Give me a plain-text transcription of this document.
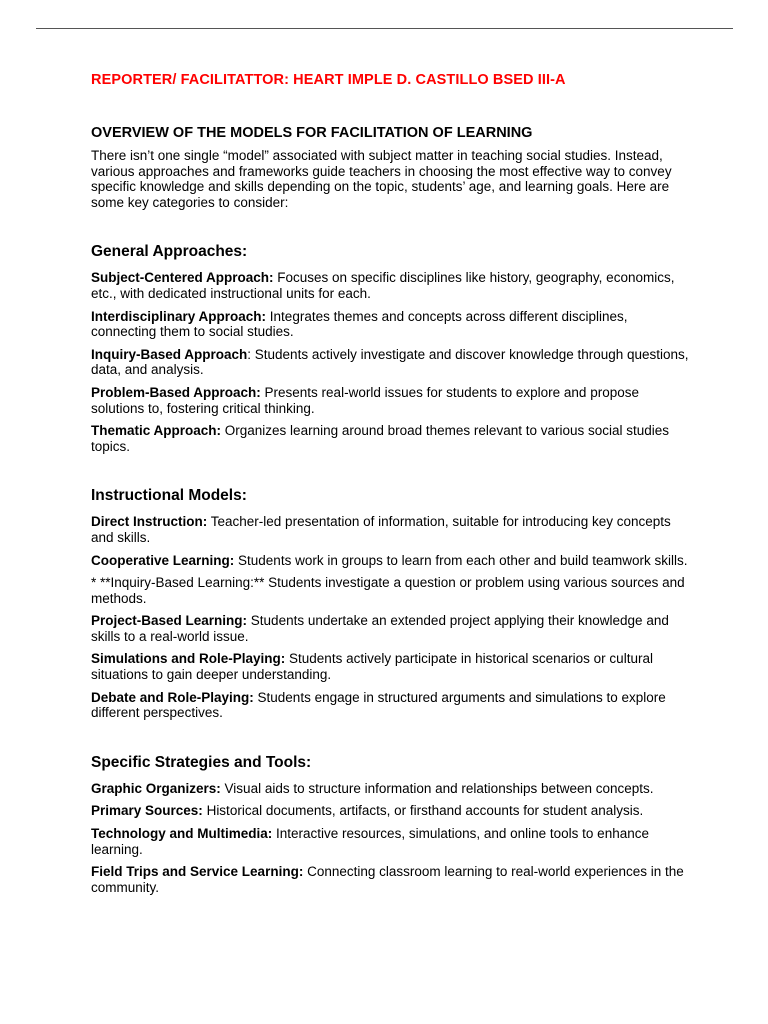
REPORTER/ FACILITATTOR: HEART IMPLE D. CASTILLO BSED III-A

OVERVIEW OF THE MODELS FOR FACILITATION OF LEARNING

There isn’t one single “model” associated with subject matter in teaching social studies. Instead, various approaches and frameworks guide teachers in choosing the most effective way to convey specific knowledge and skills depending on the topic, students’ age, and learning goals. Here are some key categories to consider:

General Approaches:

Subject-Centered Approach: Focuses on specific disciplines like history, geography, economics, etc., with dedicated instructional units for each.

Interdisciplinary Approach: Integrates themes and concepts across different disciplines, connecting them to social studies.

Inquiry-Based Approach: Students actively investigate and discover knowledge through questions, data, and analysis.

Problem-Based Approach: Presents real-world issues for students to explore and propose solutions to, fostering critical thinking.

Thematic Approach: Organizes learning around broad themes relevant to various social studies topics.

Instructional Models:

Direct Instruction: Teacher-led presentation of information, suitable for introducing key concepts and skills.

Cooperative Learning: Students work in groups to learn from each other and build teamwork skills.

* **Inquiry-Based Learning:** Students investigate a question or problem using various sources and methods.

Project-Based Learning: Students undertake an extended project applying their knowledge and skills to a real-world issue.

Simulations and Role-Playing: Students actively participate in historical scenarios or cultural situations to gain deeper understanding.

Debate and Role-Playing: Students engage in structured arguments and simulations to explore different perspectives.

Specific Strategies and Tools:

Graphic Organizers: Visual aids to structure information and relationships between concepts.

Primary Sources: Historical documents, artifacts, or firsthand accounts for student analysis.

Technology and Multimedia: Interactive resources, simulations, and online tools to enhance learning.

Field Trips and Service Learning: Connecting classroom learning to real-world experiences in the community.
